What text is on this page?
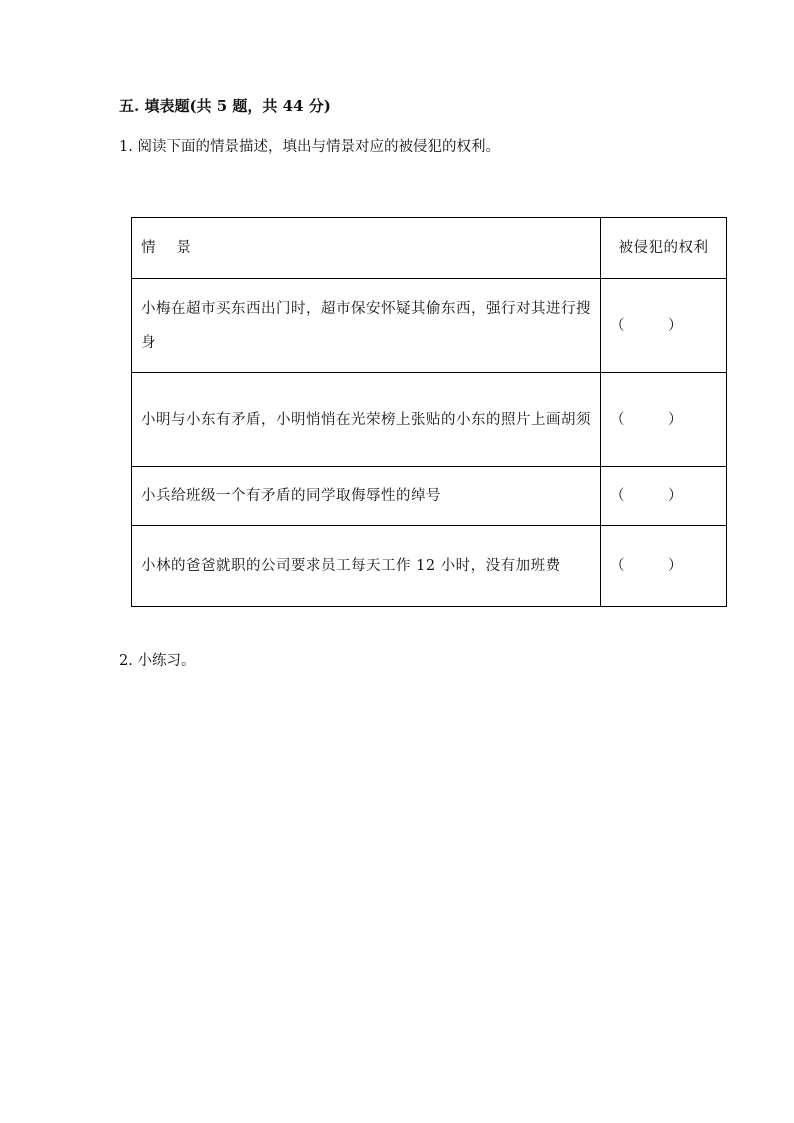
五. 填表题(共 5 题，共 44 分)
1. 阅读下面的情景描述，填出与情景对应的被侵犯的权利。
情    景	被侵犯的权利
小梅在超市买东西出门时，超市保安怀疑其偷东西，强行对其进行搜身	（ ）
小明与小东有矛盾，小明悄悄在光荣榜上张贴的小东的照片上画胡须	（ ）
小兵给班级一个有矛盾的同学取侮辱性的绰号	（ ）
小林的爸爸就职的公司要求员工每天工作 12 小时，没有加班费	（ ）
2. 小练习。
